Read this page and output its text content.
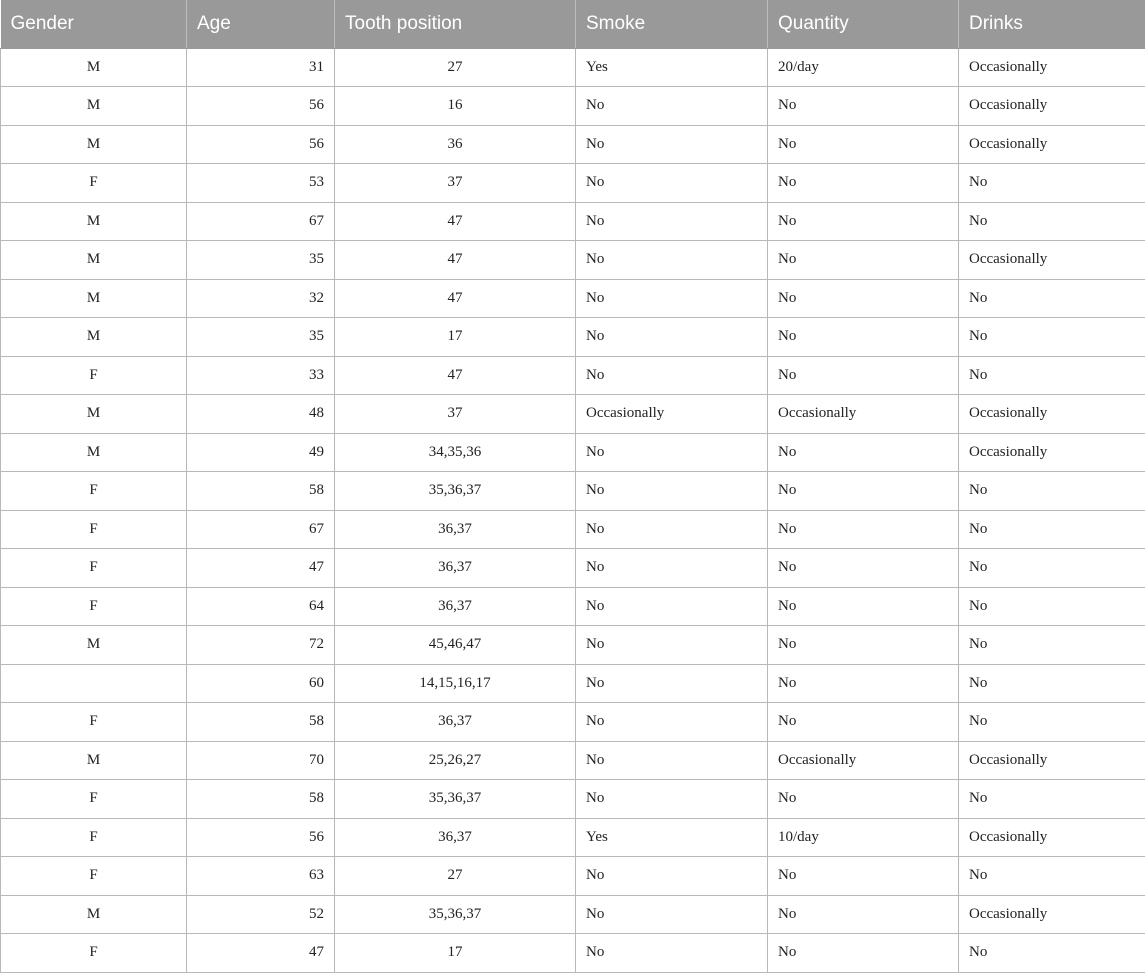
Gender	Age	Tooth position	Smoke	Quantity	Drinks
M	31	27	Yes	20/day	Occasionally
M	56	16	No	No	Occasionally
M	56	36	No	No	Occasionally
F	53	37	No	No	No
M	67	47	No	No	No
M	35	47	No	No	Occasionally
M	32	47	No	No	No
M	35	17	No	No	No
F	33	47	No	No	No
M	48	37	Occasionally	Occasionally	Occasionally
M	49	34,35,36	No	No	Occasionally
F	58	35,36,37	No	No	No
F	67	36,37	No	No	No
F	47	36,37	No	No	No
F	64	36,37	No	No	No
M	72	45,46,47	No	No	No
	60	14,15,16,17	No	No	No
F	58	36,37	No	No	No
M	70	25,26,27	No	Occasionally	Occasionally
F	58	35,36,37	No	No	No
F	56	36,37	Yes	10/day	Occasionally
F	63	27	No	No	No
M	52	35,36,37	No	No	Occasionally
F	47	17	No	No	No
